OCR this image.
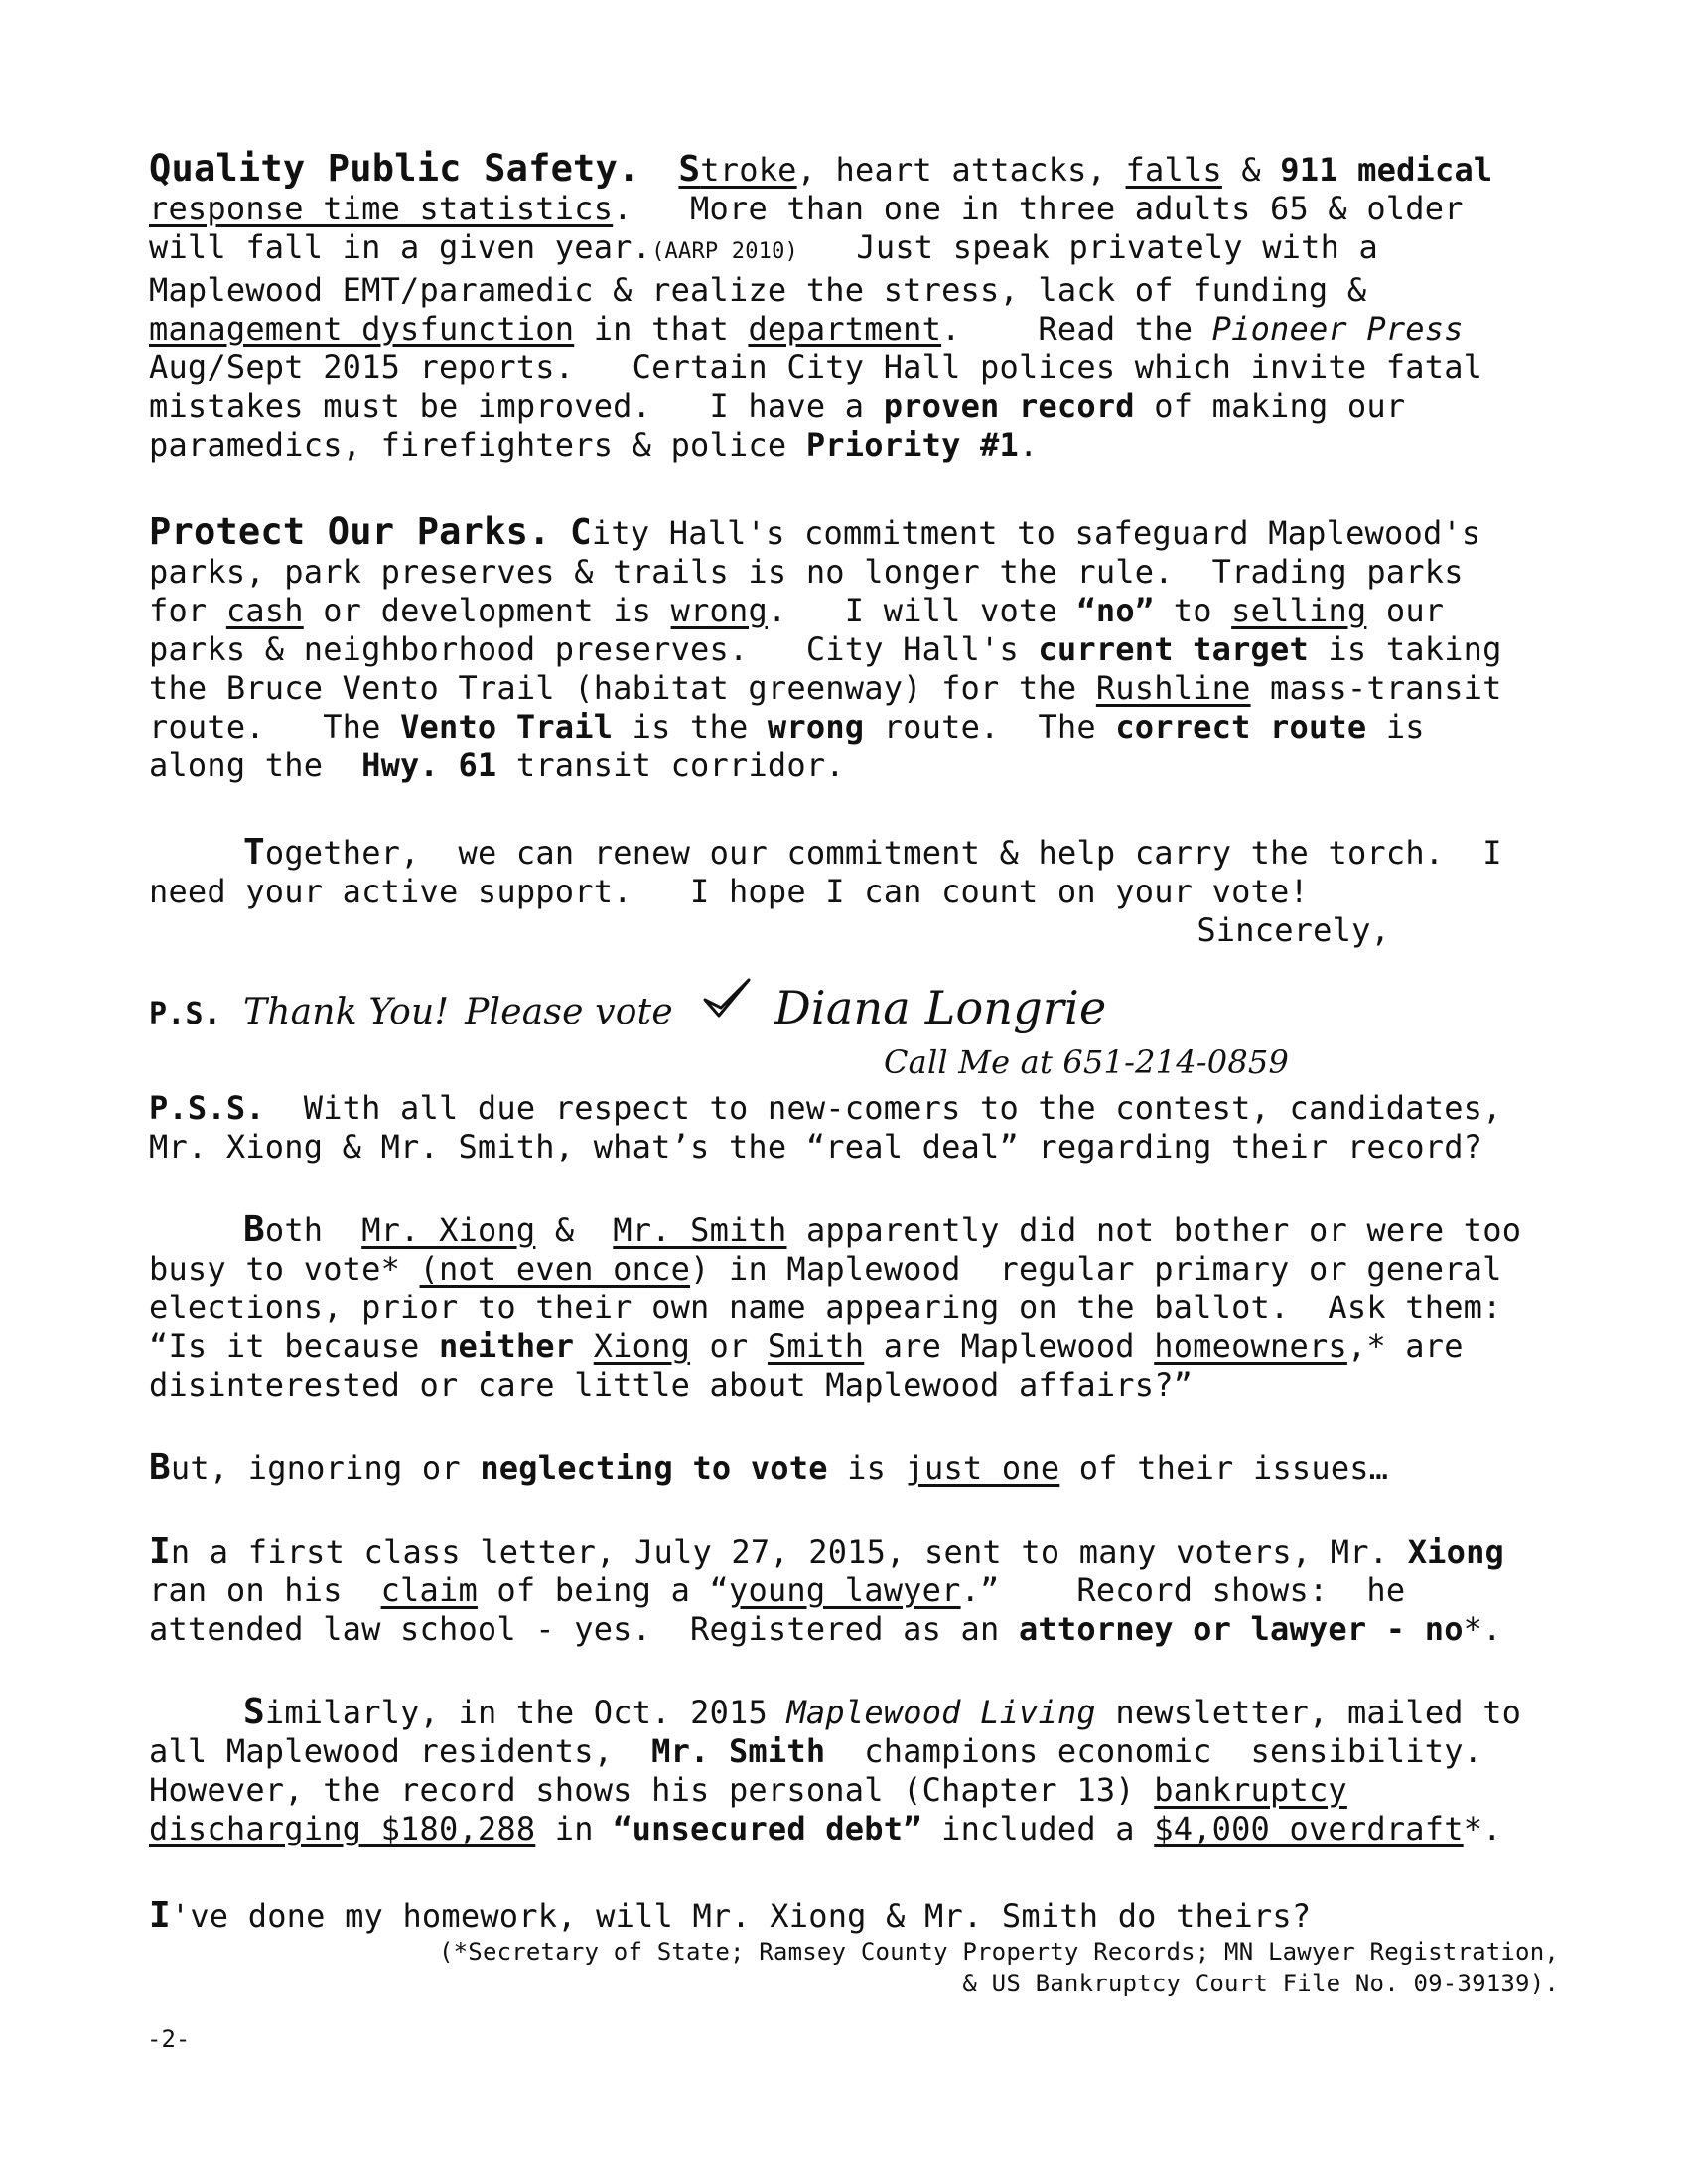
Quality Public Safety. Stroke, heart attacks, falls & 911 medical
response time statistics.   More than one in three adults 65 & older
will fall in a given year.(AARP 2010)   Just speak privately with a
Maplewood EMT/paramedic & realize the stress, lack of funding &
management dysfunction in that department.    Read the Pioneer Press
Aug/Sept 2015 reports.   Certain City Hall polices which invite fatal
mistakes must be improved.   I have a proven record of making our
paramedics, firefighters & police Priority #1.
Protect Our Parks. City Hall's commitment to safeguard Maplewood's
parks, park preserves & trails is no longer the rule.  Trading parks
for cash or development is wrong.   I will vote “no” to selling our
parks & neighborhood preserves.   City Hall's current target is taking
the Bruce Vento Trail (habitat greenway) for the Rushline mass-transit
route.   The Vento Trail is the wrong route.  The correct route is
along the  Hwy. 61 transit corridor.
Together,  we can renew our commitment & help carry the torch.  I
need your active support.   I hope I can count on your vote!
Sincerely,
P.S. Thank You! Please vote Diana Longrie
Call Me at 651-214-0859
P.S.S.  With all due respect to new-comers to the contest, candidates,
Mr. Xiong & Mr. Smith, what’s the “real deal” regarding their record?
Both  Mr. Xiong &  Mr. Smith apparently did not bother or were too
busy to vote* (not even once) in Maplewood  regular primary or general
elections, prior to their own name appearing on the ballot.  Ask them:
“Is it because neither Xiong or Smith are Maplewood homeowners,* are
disinterested or care little about Maplewood affairs?”
But, ignoring or neglecting to vote is just one of their issues…
In a first class letter, July 27, 2015, sent to many voters, Mr. Xiong
ran on his  claim of being a “young lawyer.”    Record shows:  he
attended law school - yes.  Registered as an attorney or lawyer - no*.
Similarly, in the Oct. 2015 Maplewood Living newsletter, mailed to
all Maplewood residents,  Mr. Smith  champions economic  sensibility.
However, the record shows his personal (Chapter 13) bankruptcy
discharging $180,288 in “unsecured debt” included a $4,000 overdraft*.
I've done my homework, will Mr. Xiong & Mr. Smith do theirs?
(*Secretary of State; Ramsey County Property Records; MN Lawyer Registration,
& US Bankruptcy Court File No. 09-39139).
-2-
